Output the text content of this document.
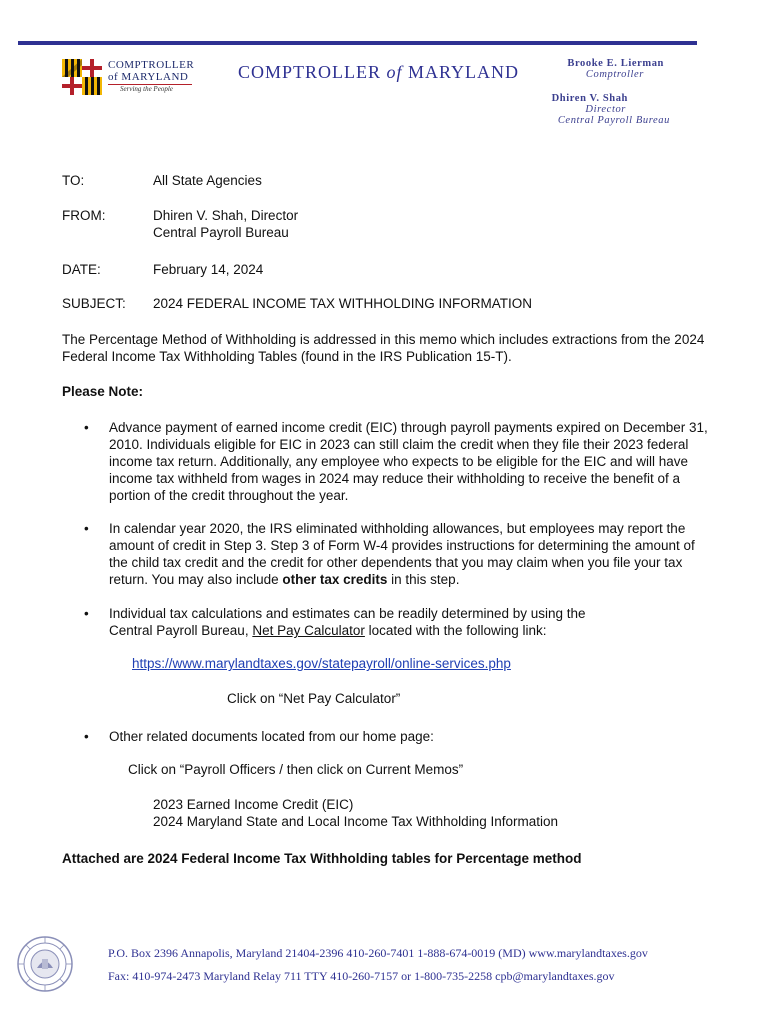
COMPTROLLER
of MARYLAND
Serving the People
COMPTROLLER of MARYLAND	Brooke E. Lierman
Comptroller
Dhiren V. Shah
Director
Central Payroll Bureau
TO:	All State Agencies
FROM:	Dhiren V. Shah, Director
Central Payroll Bureau
DATE:	February 14, 2024
SUBJECT: 2024 FEDERAL INCOME TAX WITHHOLDING INFORMATION
The Percentage Method of Withholding is addressed in this memo which includes extractions from the 2024
Federal Income Tax Withholding Tables (found in the IRS Publication 15-T).
Please Note:
• Advance payment of earned income credit (EIC) through payroll payments expired on December 31,
2010. Individuals eligible for EIC in 2023 can still claim the credit when they file their 2023 federal
income tax return. Additionally, any employee who expects to be eligible for the EIC and will have
income tax withheld from wages in 2024 may reduce their withholding to receive the benefit of a
portion of the credit throughout the year.
• In calendar year 2020, the IRS eliminated withholding allowances, but employees may report the
amount of credit in Step 3. Step 3 of Form W-4 provides instructions for determining the amount of
the child tax credit and the credit for other dependents that you may claim when you file your tax
return. You may also include other tax credits in this step.
• Individual tax calculations and estimates can be readily determined by using the
Central Payroll Bureau, Net Pay Calculator located with the following link:
https://www.marylandtaxes.gov/statepayroll/online-services.php
Click on “Net Pay Calculator”
• Other related documents located from our home page:
Click on “Payroll Officers / then click on Current Memos”
2023 Earned Income Credit (EIC)
2024 Maryland State and Local Income Tax Withholding Information
Attached are 2024 Federal Income Tax Withholding tables for Percentage method
P.O. Box 2396 Annapolis, Maryland 21404-2396 410-260-7401 1-888-674-0019 (MD) www.marylandtaxes.gov
Fax: 410-974-2473 Maryland Relay 711 TTY 410-260-7157 or 1-800-735-2258 cpb@marylandtaxes.gov
